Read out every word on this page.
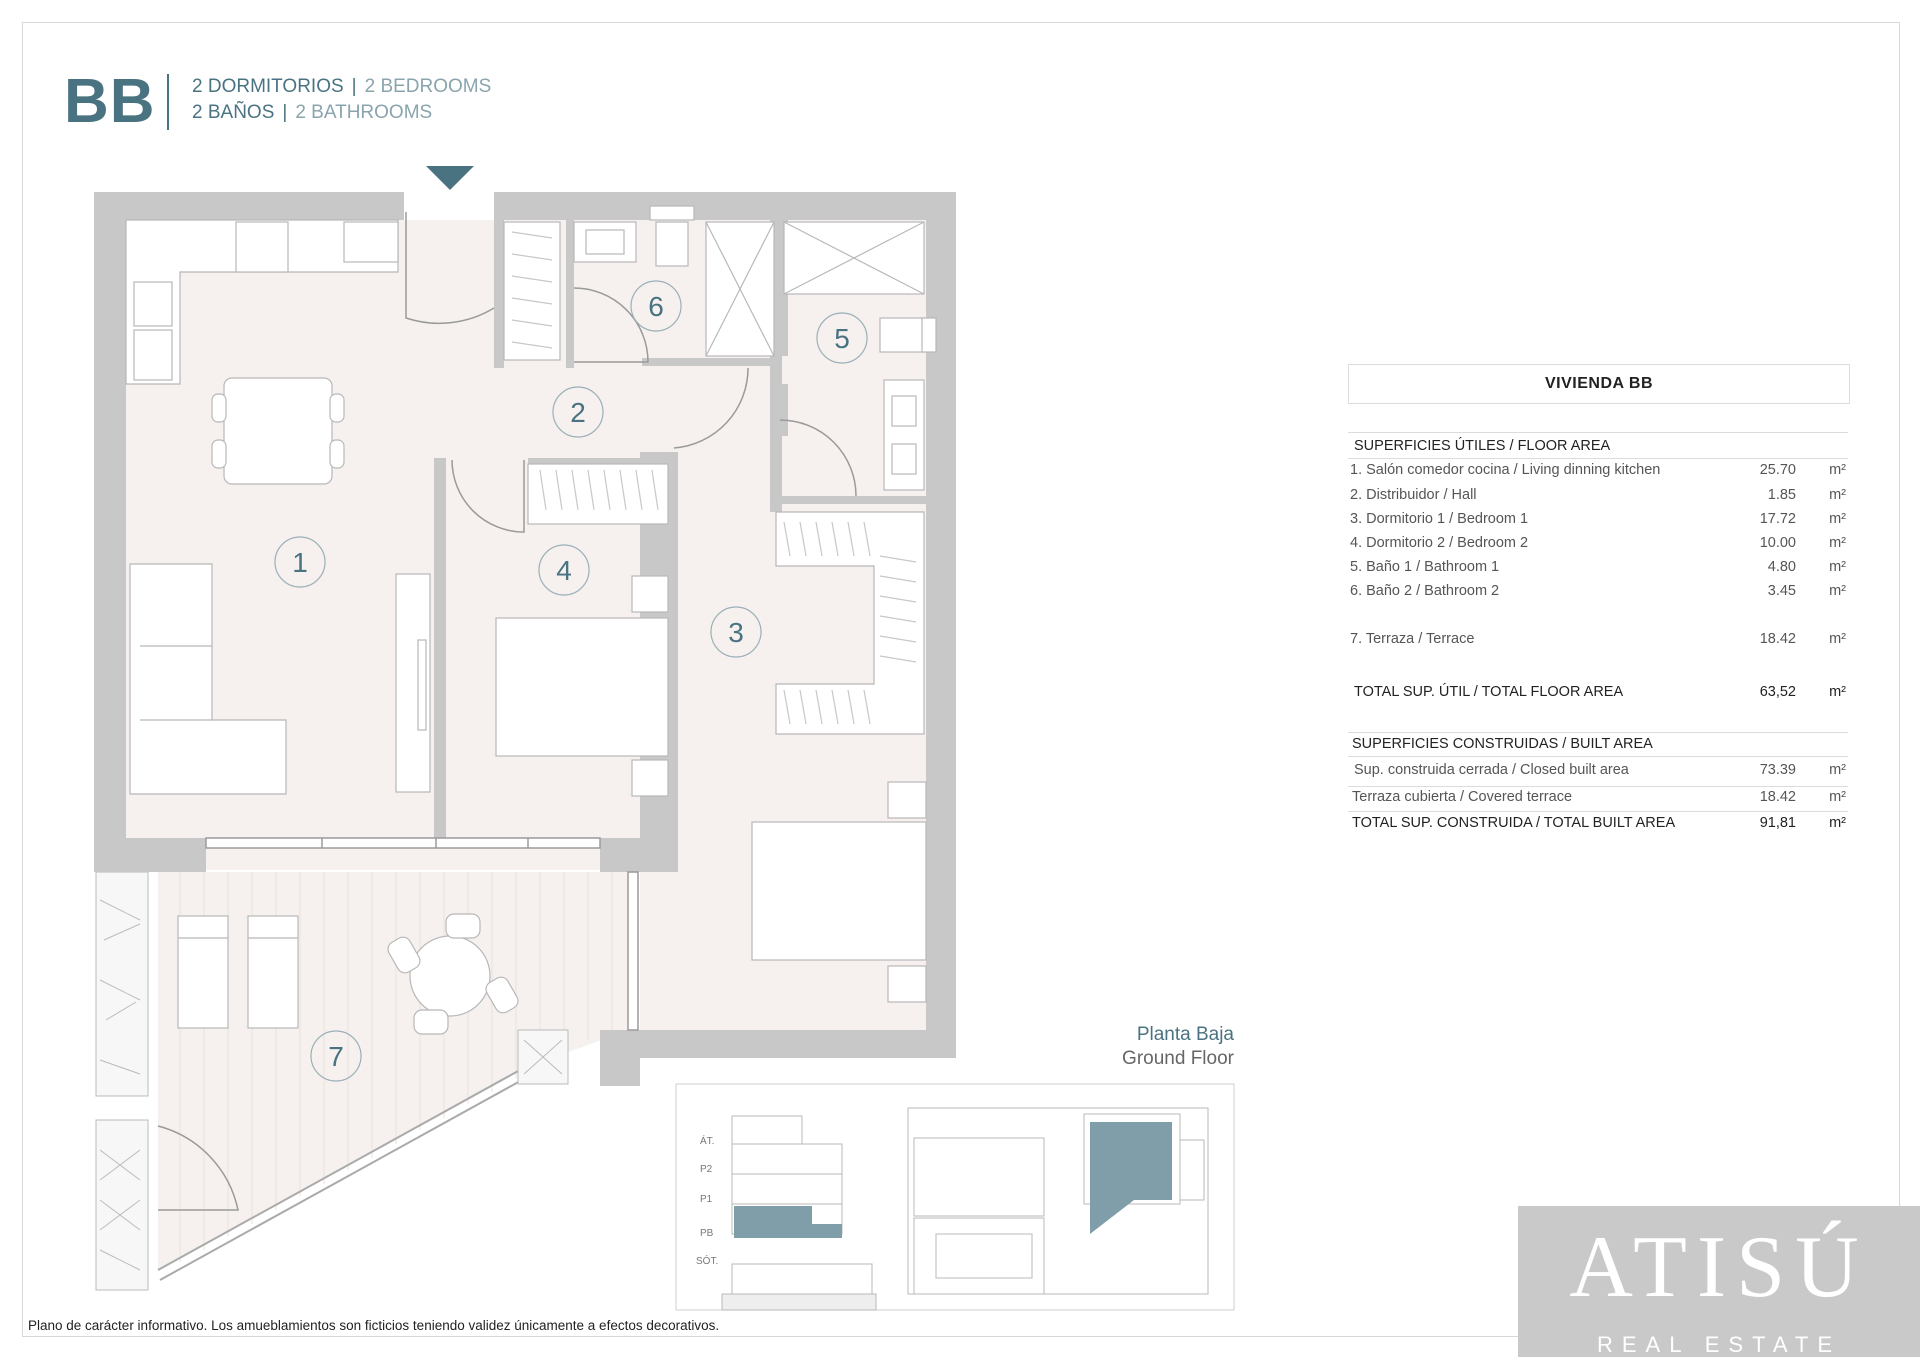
BB 2 DORMITORIOS | 2 BEDROOMS
2 BAÑOS | 2 BATHROOMS
1
2
3
4
5
6
7
Planta Baja
Ground Floor
ÁT.
P2
P1
PB
SÓT.
VIVIENDA BB
SUPERFICIES ÚTILES / FLOOR AREA
1. Salón comedor cocina / Living dinning kitchen	25.70	m²
2. Distribuidor / Hall	1.85	m²
3. Dormitorio 1 / Bedroom 1	17.72	m²
4. Dormitorio 2 / Bedroom 2	10.00	m²
5. Baño 1 / Bathroom 1	4.80	m²
6. Baño 2 / Bathroom 2	3.45	m²
7. Terraza / Terrace	18.42	m²
TOTAL SUP. ÚTIL / TOTAL FLOOR AREA	63,52	m²
SUPERFICIES CONSTRUIDAS / BUILT AREA
Sup. construida cerrada / Closed built area	73.39	m²
Terraza cubierta / Covered terrace	18.42	m²
TOTAL SUP. CONSTRUIDA / TOTAL BUILT AREA	91,81	m²
Plano de carácter informativo. Los amueblamientos son ficticios teniendo validez únicamente a efectos decorativos.
ATISÚ
REAL ESTATE
